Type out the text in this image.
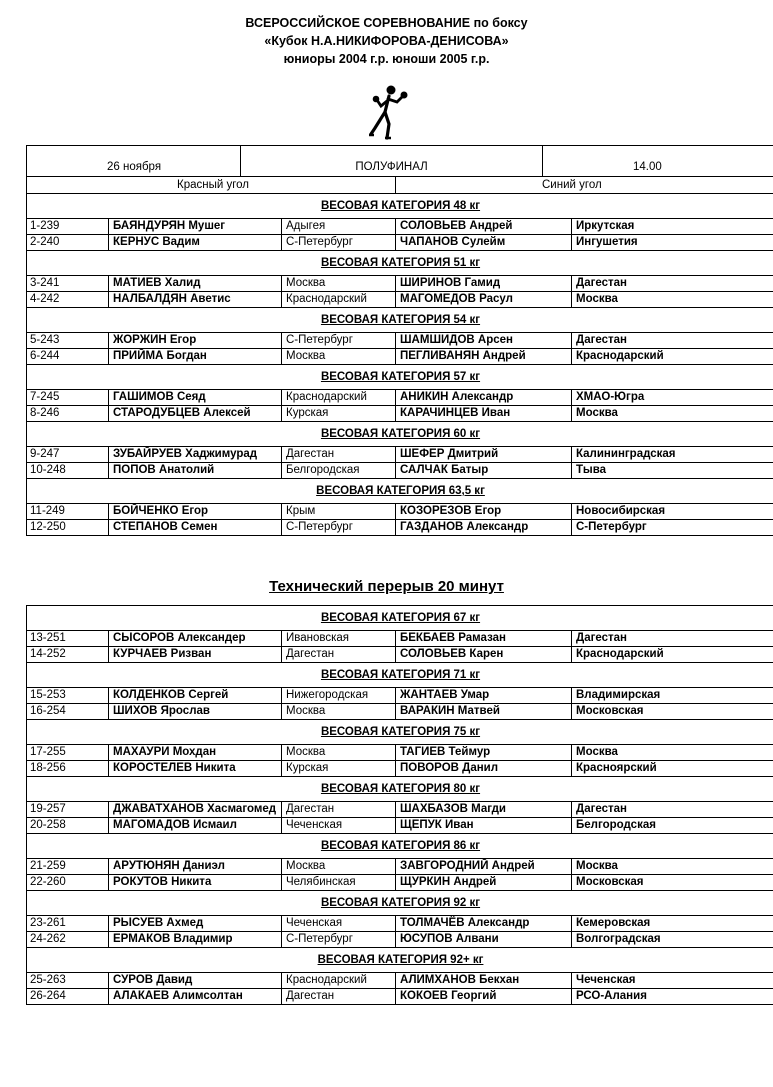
ВСЕРОССИЙСКОЕ СОРЕВНОВАНИЕ по боксу
«Кубок Н.А.НИКИФОРОВА-ДЕНИСОВА»
юниоры 2004 г.р. юноши 2005 г.р.
26 ноября	ПОЛУФИНАЛ	14.00
Красный угол	Синий угол
ВЕСОВАЯ КАТЕГОРИЯ 48 кг
1-239	БАЯНДУРЯН Мушег	Адыгея	СОЛОВЬЕВ Андрей	Иркутская
2-240	КЕРНУС Вадим	С-Петербург	ЧАПАНОВ Сулейм	Ингушетия
ВЕСОВАЯ КАТЕГОРИЯ 51 кг
3-241	МАТИЕВ Халид	Москва	ШИРИНОВ Гамид	Дагестан
4-242	НАЛБАЛДЯН Аветис	Краснодарский	МАГОМЕДОВ Расул	Москва
ВЕСОВАЯ КАТЕГОРИЯ 54 кг
5-243	ЖОРЖИН Егор	С-Петербург	ШАМШИДОВ Арсен	Дагестан
6-244	ПРИЙМА Богдан	Москва	ПЕГЛИВАНЯН Андрей	Краснодарский
ВЕСОВАЯ КАТЕГОРИЯ 57 кг
7-245	ГАШИМОВ Сеяд	Краснодарский	АНИКИН Александр	ХМАО-Югра
8-246	СТАРОДУБЦЕВ Алексей	Курская	КАРАЧИНЦЕВ Иван	Москва
ВЕСОВАЯ КАТЕГОРИЯ 60 кг
9-247	ЗУБАЙРУЕВ Хаджимурад	Дагестан	ШЕФЕР Дмитрий	Калининградская
10-248	ПОПОВ Анатолий	Белгородская	САЛЧАК Батыр	Тыва
ВЕСОВАЯ КАТЕГОРИЯ 63,5 кг
11-249	БОЙЧЕНКО Егор	Крым	КОЗОРЕЗОВ Егор	Новосибирская
12-250	СТЕПАНОВ Семен	С-Петербург	ГАЗДАНОВ Александр	С-Петербург
Технический перерыв 20 минут
ВЕСОВАЯ КАТЕГОРИЯ 67 кг
13-251	СЫСОРОВ Александер	Ивановская	БЕКБАЕВ Рамазан	Дагестан
14-252	КУРЧАЕВ Ризван	Дагестан	СОЛОВЬЕВ Карен	Краснодарский
ВЕСОВАЯ КАТЕГОРИЯ 71 кг
15-253	КОЛДЕНКОВ Сергей	Нижегородская	ЖАНТАЕВ Умар	Владимирская
16-254	ШИХОВ Ярослав	Москва	ВАРАКИН Матвей	Московская
ВЕСОВАЯ КАТЕГОРИЯ 75 кг
17-255	МАХАУРИ Мохдан	Москва	ТАГИЕВ Теймур	Москва
18-256	КОРОСТЕЛЕВ Никита	Курская	ПОВОРОВ Данил	Красноярский
ВЕСОВАЯ КАТЕГОРИЯ 80 кг
19-257	ДЖАВАТХАНОВ Хасмагомед Дагестан	ШАХБАЗОВ Магди	Дагестан
20-258	МАГОМАДОВ Исмаил	Чеченская	ЩЕПУК Иван	Белгородская
ВЕСОВАЯ КАТЕГОРИЯ 86 кг
21-259	АРУТЮНЯН Даниэл	Москва	ЗАВГОРОДНИЙ Андрей	Москва
22-260	РОКУТОВ Никита	Челябинская	ЩУРКИН Андрей	Московская
ВЕСОВАЯ КАТЕГОРИЯ 92 кг
23-261	РЫСУЕВ Ахмед	Чеченская	ТОЛМАЧЁВ Александр	Кемеровская
24-262	ЕРМАКОВ Владимир	С-Петербург	ЮСУПОВ Алвани	Волгоградская
ВЕСОВАЯ КАТЕГОРИЯ 92+ кг
25-263	СУРОВ Давид	Краснодарский	АЛИМХАНОВ Бекхан	Чеченская
26-264	АЛАКАЕВ Алимсолтан	Дагестан	КОКОЕВ Георгий	РСО-Алания
